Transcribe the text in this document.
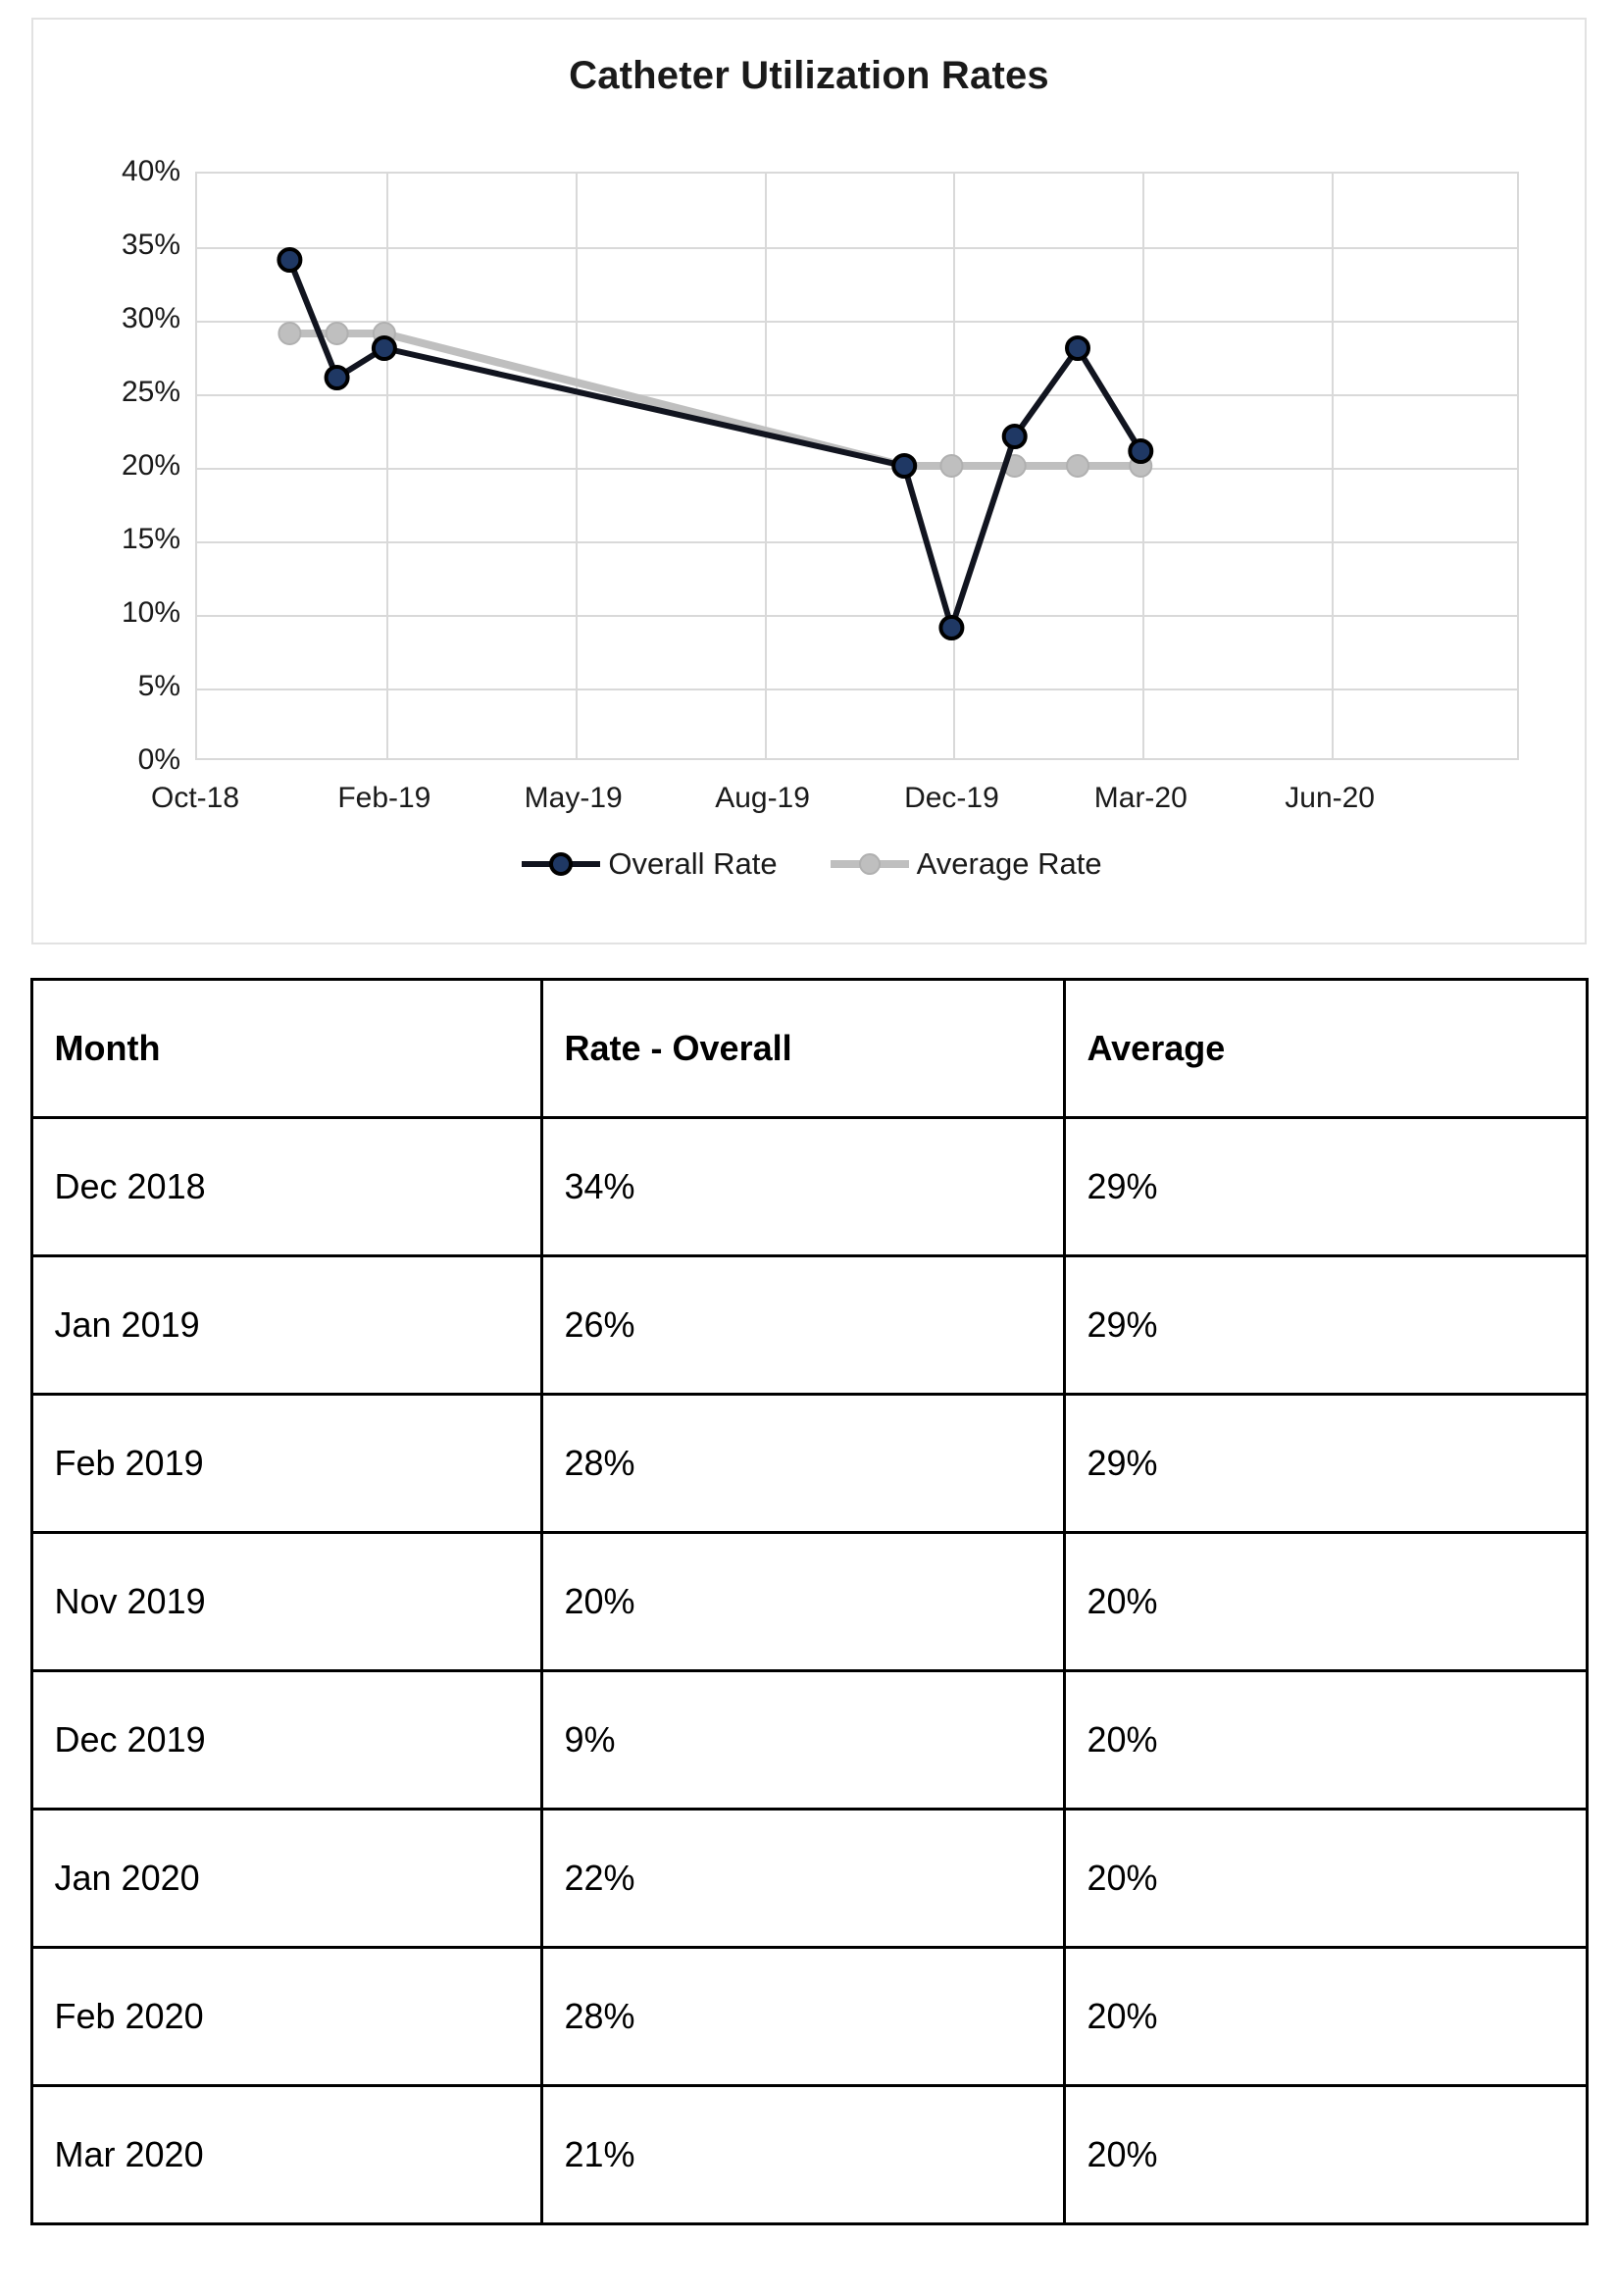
Catheter Utilization Rates
0%
5%
10%
15%
20%
25%
30%
35%
40%
Oct-18	Feb-19	May-19	Aug-19	Dec-19	Mar-20	Jun-20
Overall Rate	Average Rate
Month	Rate - Overall	Average
Dec 2018	34%	29%
Jan 2019	26%	29%
Feb 2019	28%	29%
Nov 2019	20%	20%
Dec 2019	9%	20%
Jan 2020	22%	20%
Feb 2020	28%	20%
Mar 2020	21%	20%
